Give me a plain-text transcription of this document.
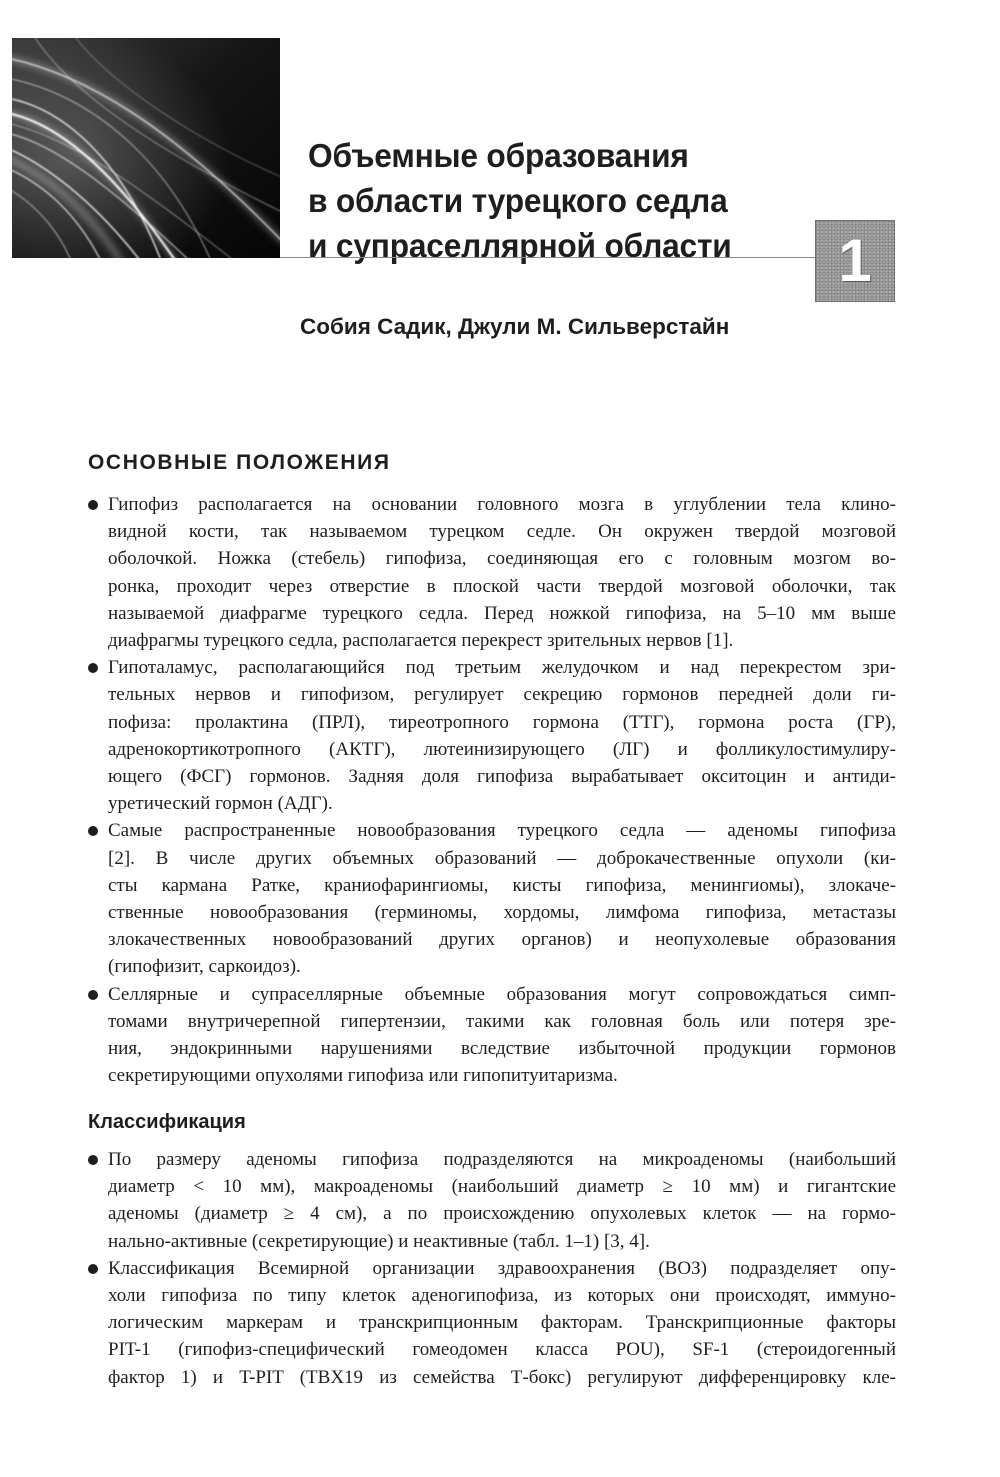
Объемные образования
в области турецкого седла
и супраселлярной области 1
Собия Садик, Джули М. Сильверстайн
ОСНОВНЫЕ ПОЛОЖЕНИЯ
Гипофиз располагается на основании головного мозга в углублении тела клино-
видной кости, так называемом турецком седле. Он окружен твердой мозговой
оболочкой. Ножка (стебель) гипофиза, соединяющая его с головным мозгом во-
ронка, проходит через отверстие в плоской части твердой мозговой оболочки, так
называемой диафрагме турецкого седла. Перед ножкой гипофиза, на 5–10 мм выше
диафрагмы турецкого седла, располагается перекрест зрительных нервов [1].
Гипоталамус, располагающийся под третьим желудочком и над перекрестом зри-
тельных нервов и гипофизом, регулирует секрецию гормонов передней доли ги-
пофиза: пролактина (ПРЛ), тиреотропного гормона (ТТГ), гормона роста (ГР),
адренокортикотропного (АКТГ), лютеинизирующего (ЛГ) и фолликулостимулиру-
ющего (ФСГ) гормонов. Задняя доля гипофиза вырабатывает окситоцин и антиди-
уретический гормон (АДГ).
Самые распространенные новообразования турецкого седла — аденомы гипофиза
[2]. В числе других объемных образований — доброкачественные опухоли (ки-
сты кармана Ратке, краниофарингиомы, кисты гипофиза, менингиомы), злокаче-
ственные новообразования (герминомы, хордомы, лимфома гипофиза, метастазы
злокачественных новообразований других органов) и неопухолевые образования
(гипофизит, саркоидоз).
Селлярные и супраселлярные объемные образования могут сопровождаться симп-
томами внутричерепной гипертензии, такими как головная боль или потеря зре-
ния, эндокринными нарушениями вследствие избыточной продукции гормонов
секретирующими опухолями гипофиза или гипопитуитаризма.
Классификация
По размеру аденомы гипофиза подразделяются на микроаденомы (наибольший
диаметр < 10 мм), макроаденомы (наибольший диаметр ≥ 10 мм) и гигантские
аденомы (диаметр ≥ 4 см), а по происхождению опухолевых клеток — на гормо-
нально-активные (секретирующие) и неактивные (табл. 1–1) [3, 4].
Классификация Всемирной организации здравоохранения (ВОЗ) подразделяет опу-
холи гипофиза по типу клеток аденогипофиза, из которых они происходят, иммуно-
логическим маркерам и транскрипционным факторам. Транскрипционные факторы
PIT-1 (гипофиз-специфический гомеодомен класса POU), SF-1 (стероидогенный
фактор 1) и T-PIT (TBX19 из семейства Т-бокс) регулируют дифференцировку кле-
